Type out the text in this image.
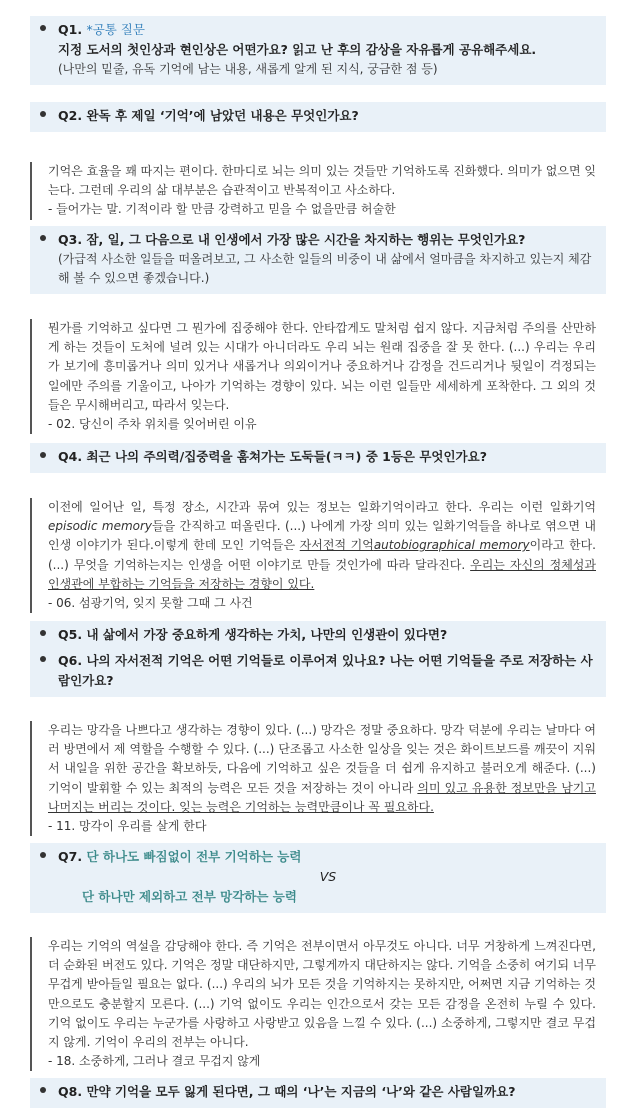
Q1. *공통 질문
지정 도서의 첫인상과 현인상은 어떤가요? 읽고 난 후의 감상을 자유롭게 공유해주세요.
(나만의 밑줄, 유독 기억에 남는 내용, 새롭게 알게 된 지식, 궁금한 점 등)
Q2. 완독 후 제일 ‘기억’에 남았던 내용은 무엇인가요?

기억은 효율을 꽤 따지는 편이다. 한마디로 뇌는 의미 있는 것들만 기억하도록 진화했다. 의미가 없으면 잊는다. 그런데 우리의 삶 대부분은 습관적이고 반복적이고 사소하다.

- 들어가는 말. 기적이라 할 만큼 강력하고 믿을 수 없을만큼 허술한

Q3. 잠, 일, 그 다음으로 내 인생에서 가장 많은 시간을 차지하는 행위는 무엇인가요?
(가급적 사소한 일들을 떠올려보고, 그 사소한 일들의 비중이 내 삶에서 얼마큼을 차지하고 있는지 체감해 볼 수 있으면 좋겠습니다.)

뭔가를 기억하고 싶다면 그 뭔가에 집중해야 한다. 안타깝게도 말처럼 쉽지 않다. 지금처럼 주의를 산만하게 하는 것들이 도처에 널려 있는 시대가 아니더라도 우리 뇌는 원래 집중을 잘 못 한다. (...) 우리는 우리가 보기에 흥미롭거나 의미 있거나 새롭거나 의외이거나 중요하거나 감정을 건드리거나 뒷일이 걱정되는 일에만 주의를 기울이고, 나아가 기억하는 경향이 있다. 뇌는 이런 일들만 세세하게 포착한다. 그 외의 것들은 무시해버리고, 따라서 잊는다.

- 02. 당신이 주차 위치를 잊어버린 이유

Q4. 최근 나의 주의력/집중력을 훔쳐가는 도둑들(ㅋㅋ) 중 1등은 무엇인가요?

이전에 일어난 일, 특정 장소, 시간과 묶여 있는 정보는 일화기억이라고 한다. 우리는 이런 일화기억 episodic memory들을 간직하고 떠올린다. (...) 나에게 가장 의미 있는 일화기억들을 하나로 엮으면 내 인생 이야기가 된다.이렇게 한데 모인 기억들은 자서전적 기억autobiographical memory이라고 한다. (...) 무엇을 기억하는지는 인생을 어떤 이야기로 만들 것인가에 따라 달라진다. 우리는 자신의 정체성과 인생관에 부합하는 기억들을 저장하는 경향이 있다.

- 06. 섬광기억, 잊지 못할 그때 그 사건

Q5. 내 삶에서 가장 중요하게 생각하는 가치, 나만의 인생관이 있다면?
Q6. 나의 자서전적 기억은 어떤 기억들로 이루어져 있나요? 나는 어떤 기억들을 주로 저장하는 사람인가요?

우리는 망각을 나쁘다고 생각하는 경향이 있다. (...) 망각은 정말 중요하다. 망각 덕분에 우리는 날마다 여러 방면에서 제 역할을 수행할 수 있다. (...) 단조롭고 사소한 일상을 잊는 것은 화이트보드를 깨끗이 지워서 내일을 위한 공간을 확보하듯, 다음에 기억하고 싶은 것들을 더 쉽게 유지하고 불러오게 해준다. (...) 기억이 발휘할 수 있는 최적의 능력은 모든 것을 저장하는 것이 아니라 의미 있고 유용한 정보만을 남기고 나머지는 버리는 것이다. 잊는 능력은 기억하는 능력만큼이나 꼭 필요하다.

- 11. 망각이 우리를 살게 한다

Q7. 단 하나도 빠짐없이 전부 기억하는 능력
VS
단 하나만 제외하고 전부 망각하는 능력

우리는 기억의 역설을 감당해야 한다. 즉 기억은 전부이면서 아무것도 아니다. 너무 거창하게 느껴진다면, 더 순화된 버전도 있다. 기억은 정말 대단하지만, 그렇게까지 대단하지는 않다. 기억을 소중히 여기되 너무 무겁게 받아들일 필요는 없다. (...) 우리의 뇌가 모든 것을 기억하지는 못하지만, 어쩌면 지금 기억하는 것만으로도 충분할지 모른다. (...) 기억 없이도 우리는 인간으로서 갖는 모든 감정을 온전히 누릴 수 있다. 기억 없이도 우리는 누군가를 사랑하고 사랑받고 있음을 느낄 수 있다. (...) 소중하게, 그렇지만 결코 무겁지 않게. 기억이 우리의 전부는 아니다.

- 18. 소중하게, 그러나 결코 무겁지 않게

Q8. 만약 기억을 모두 잃게 된다면, 그 때의 ‘나’는 지금의 ‘나’와 같은 사람일까요?
